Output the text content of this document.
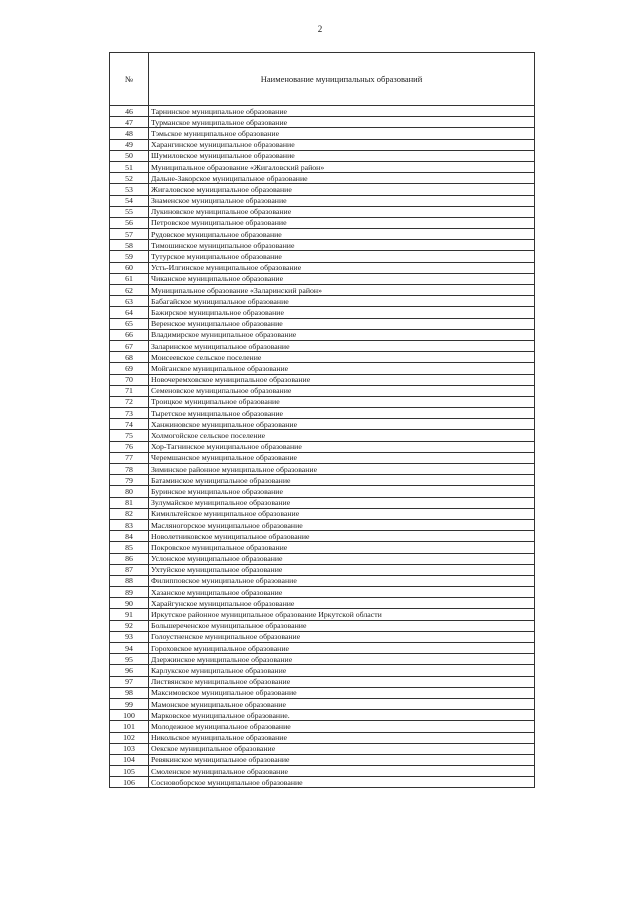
2
№	Наименование муниципальных образований
46	Тарнинское муниципальное образование
47	Турманское муниципальное образование
48	Тэмьское муниципальное образование
49	Харангинское муниципальное образование
50	Шумиловское муниципальное образование
51	Муниципальное образование «Жигаловский район»
52	Дальне-Закорское муниципальное образование
53	Жигаловское муниципальное образование
54	Знаменское муниципальное образование
55	Лукиновское муниципальное образование
56	Петровское муниципальное образование
57	Рудовское муниципальное образование
58	Тимошинское муниципальное образование
59	Тутурское муниципальное образование
60	Усть-Илгинское муниципальное образование
61	Чиканское муниципальное образование
62	Муниципальное образование «Заларинский район»
63	Бабагайское муниципальное образование
64	Бажирское муниципальное образование
65	Веренское муниципальное образование
66	Владимирское муниципальное образование
67	Заларинское муниципальное образование
68	Моисеевское сельское поселение
69	Мойганское муниципальное образование
70	Новочеремховское муниципальное образование
71	Семеновское муниципальное образование
72	Троицкое муниципальное образование
73	Тыретское муниципальное образование
74	Ханжиновское муниципальное образование
75	Холмогойское сельское поселение
76	Хор-Тагнинское муниципальное образование
77	Черемшанское муниципальное образование
78	Зиминское районное муниципальное образование
79	Батаминское муниципальное образование
80	Буринское муниципальное образование
81	Зулумайское муниципальное образование
82	Кимильтейское муниципальное образование
83	Масляногорское муниципальное образование
84	Новолетниковское муниципальное образование
85	Покровское муниципальное образование
86	Услонское муниципальное образование
87	Ухтуйское муниципальное образование
88	Филипповское муниципальное образование
89	Хазанское муниципальное образование
90	Харайгунское муниципальное образование
91	Иркутское районное муниципальное образование Иркутской области
92	Большереченское муниципальное образование
93	Голоустненское муниципальное образование
94	Гороховское муниципальное образование
95	Дзержинское муниципальное образование
96	Карлукское муниципальное образование
97	Листвянское муниципальное образование
98	Максимовское муниципальное образование
99	Мамонское муниципальное образование
100	Марковское муниципальное образование.
101	Молодежное муниципальное образование
102	Никольское муниципальное образование
103	Оекское муниципальное образование
104	Ревякинское муниципальное образование
105	Смоленское муниципальное образование
106	Сосновоборское муниципальное образование
